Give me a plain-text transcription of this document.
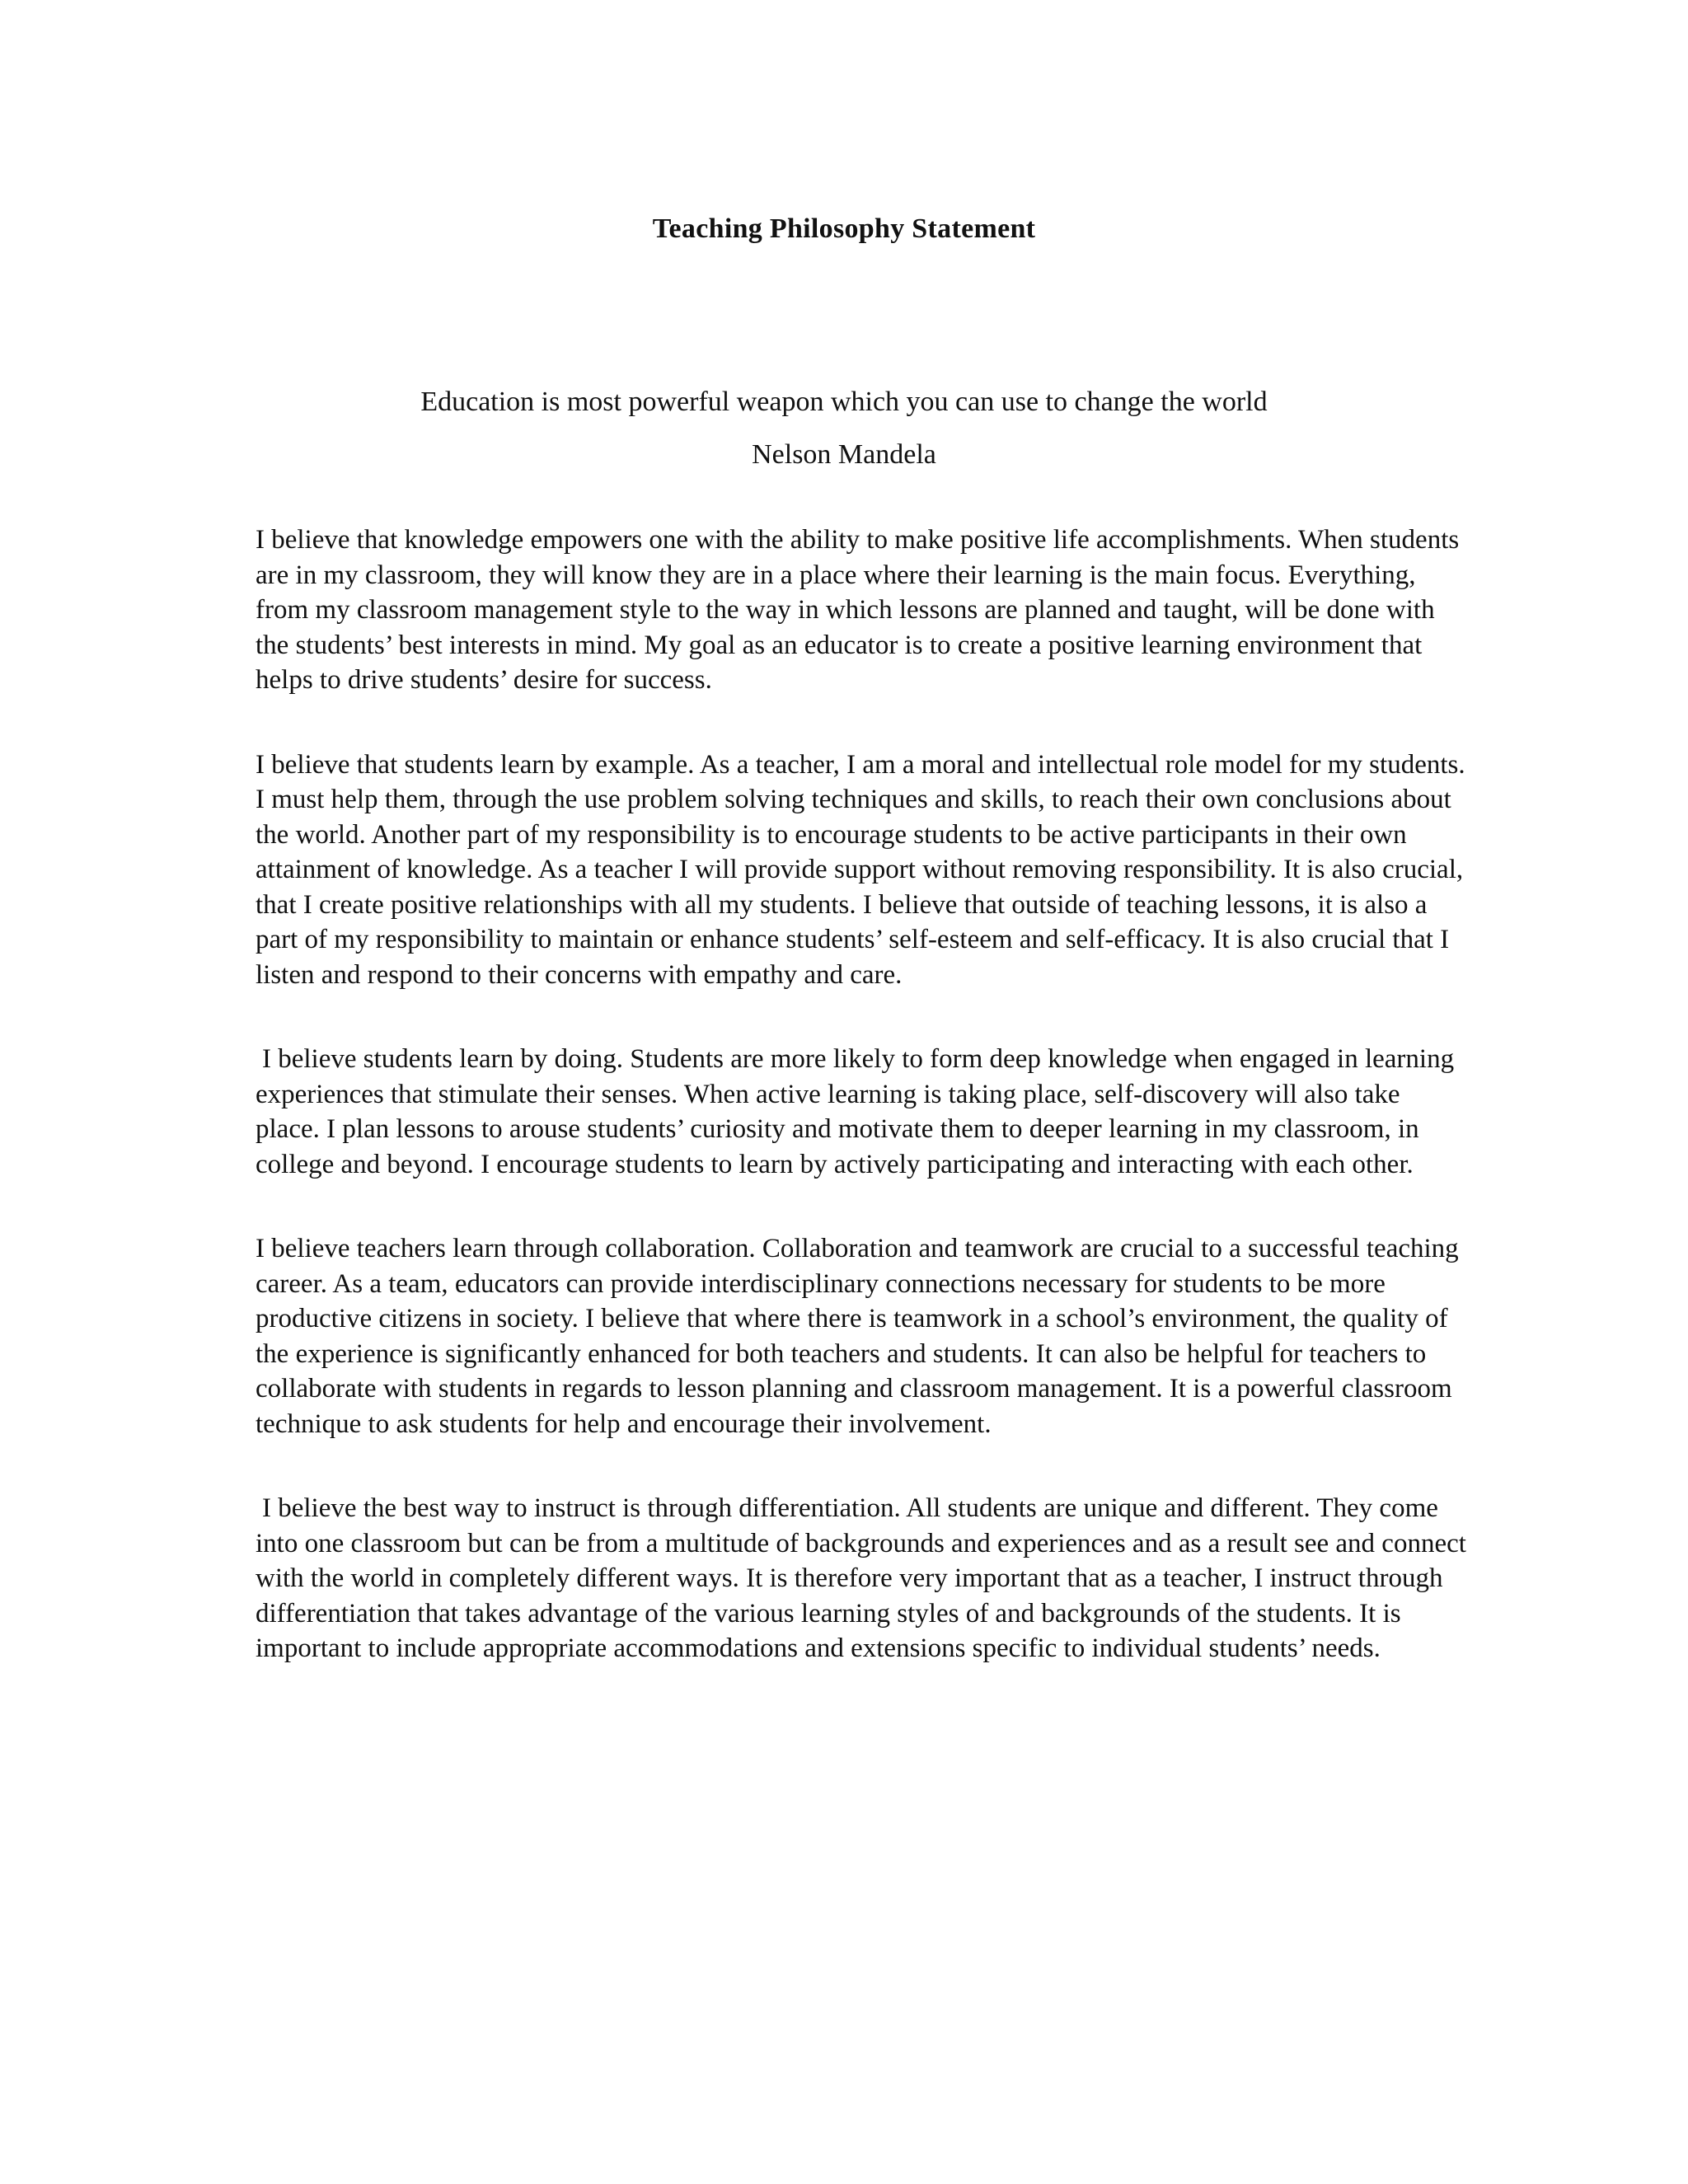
Teaching Philosophy Statement
Education is most powerful weapon which you can use to change the world
Nelson Mandela

I believe that knowledge empowers one with the ability to make positive life accomplishments. When students are in my classroom, they will know they are in a place where their learning is the main focus. Everything, from my classroom management style to the way in which lessons are planned and taught, will be done with the students’ best interests in mind. My goal as an educator is to create a positive learning environment that helps to drive students’ desire for success.

I believe that students learn by example. As a teacher, I am a moral and intellectual role model for my students. I must help them, through the use problem solving techniques and skills, to reach their own conclusions about the world. Another part of my responsibility is to encourage students to be active participants in their own attainment of knowledge. As a teacher I will provide support without removing responsibility. It is also crucial, that I create positive relationships with all my students. I believe that outside of teaching lessons, it is also a part of my responsibility to maintain or enhance students’ self-esteem and self-efficacy. It is also crucial that I listen and respond to their concerns with empathy and care.

I believe students learn by doing. Students are more likely to form deep knowledge when engaged in learning experiences that stimulate their senses. When active learning is taking place, self-discovery will also take place. I plan lessons to arouse students’ curiosity and motivate them to deeper learning in my classroom, in college and beyond. I encourage students to learn by actively participating and interacting with each other.

I believe teachers learn through collaboration. Collaboration and teamwork are crucial to a successful teaching career. As a team, educators can provide interdisciplinary connections necessary for students to be more productive citizens in society. I believe that where there is teamwork in a school’s environment, the quality of the experience is significantly enhanced for both teachers and students. It can also be helpful for teachers to collaborate with students in regards to lesson planning and classroom management. It is a powerful classroom technique to ask students for help and encourage their involvement.

I believe the best way to instruct is through differentiation. All students are unique and different. They come into one classroom but can be from a multitude of backgrounds and experiences and as a result see and connect with the world in completely different ways. It is therefore very important that as a teacher, I instruct through differentiation that takes advantage of the various learning styles of and backgrounds of the students. It is important to include appropriate accommodations and extensions specific to individual students’ needs.
